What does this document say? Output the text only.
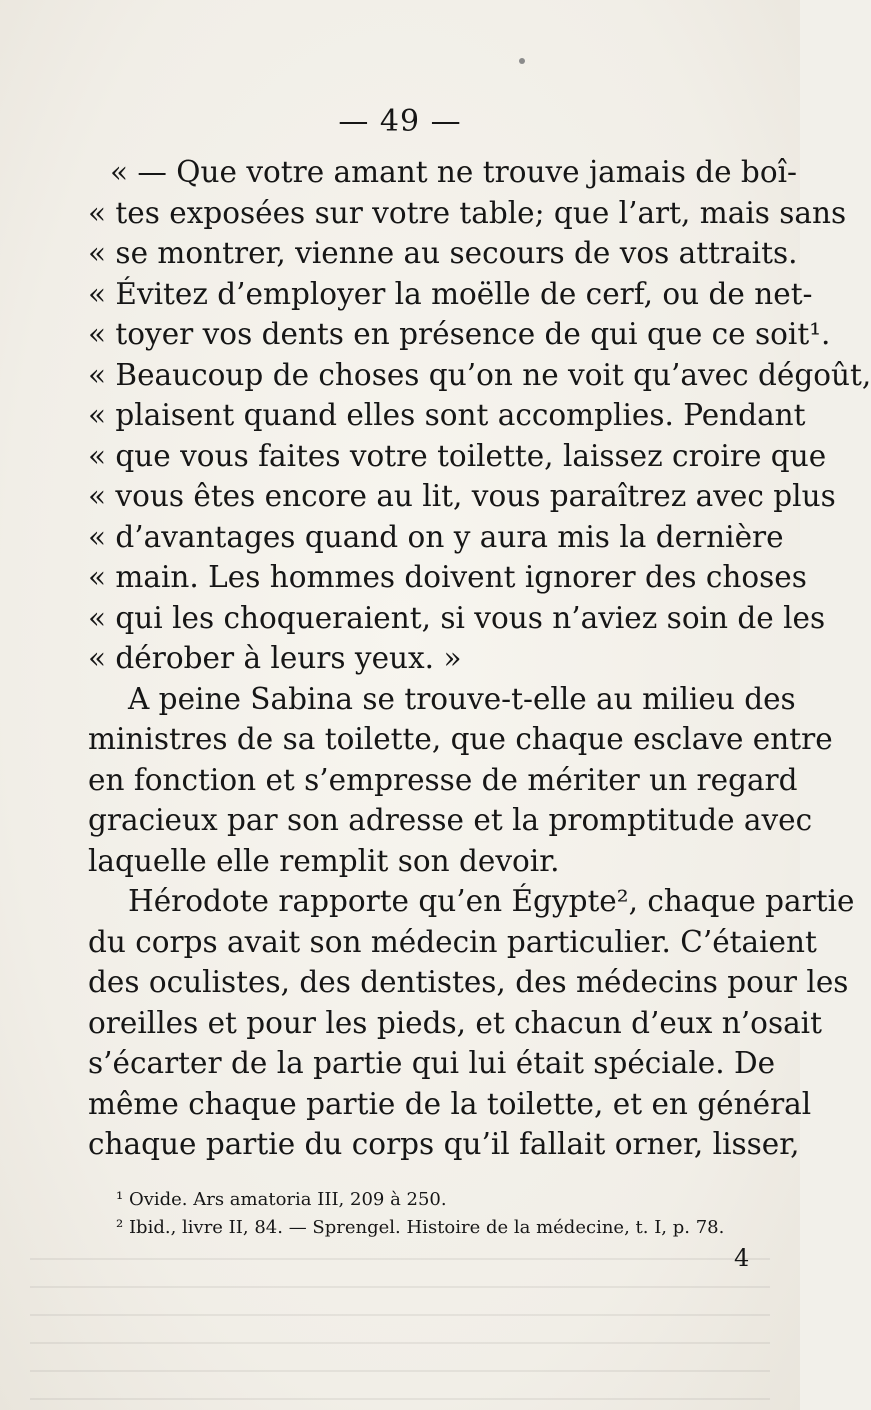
— 49 —
« — Que votre amant ne trouve jamais de boî-
« tes exposées sur votre table; que l’art, mais sans
« se montrer, vienne au secours de vos attraits.
« Évitez d’employer la moëlle de cerf, ou de net-
« toyer vos dents en présence de qui que ce soit¹.
« Beaucoup de choses qu’on ne voit qu’avec dégoût,
« plaisent quand elles sont accomplies. Pendant
« que vous faites votre toilette, laissez croire que
« vous êtes encore au lit, vous paraîtrez avec plus
« d’avantages quand on y aura mis la dernière
« main. Les hommes doivent ignorer des choses
« qui les choqueraient, si vous n’aviez soin de les
« dérober à leurs yeux. »
A peine Sabina se trouve-t-elle au milieu des
ministres de sa toilette, que chaque esclave entre
en fonction et s’empresse de mériter un regard
gracieux par son adresse et la promptitude avec
laquelle elle remplit son devoir.
Hérodote rapporte qu’en Égypte², chaque partie
du corps avait son médecin particulier. C’étaient
des oculistes, des dentistes, des médecins pour les
oreilles et pour les pieds, et chacun d’eux n’osait
s’écarter de la partie qui lui était spéciale. De
même chaque partie de la toilette, et en général
chaque partie du corps qu’il fallait orner, lisser,
¹ Ovide. Ars amatoria III, 209 à 250.
² Ibid., livre II, 84. — Sprengel. Histoire de la médecine, t. I, p. 78.
4
